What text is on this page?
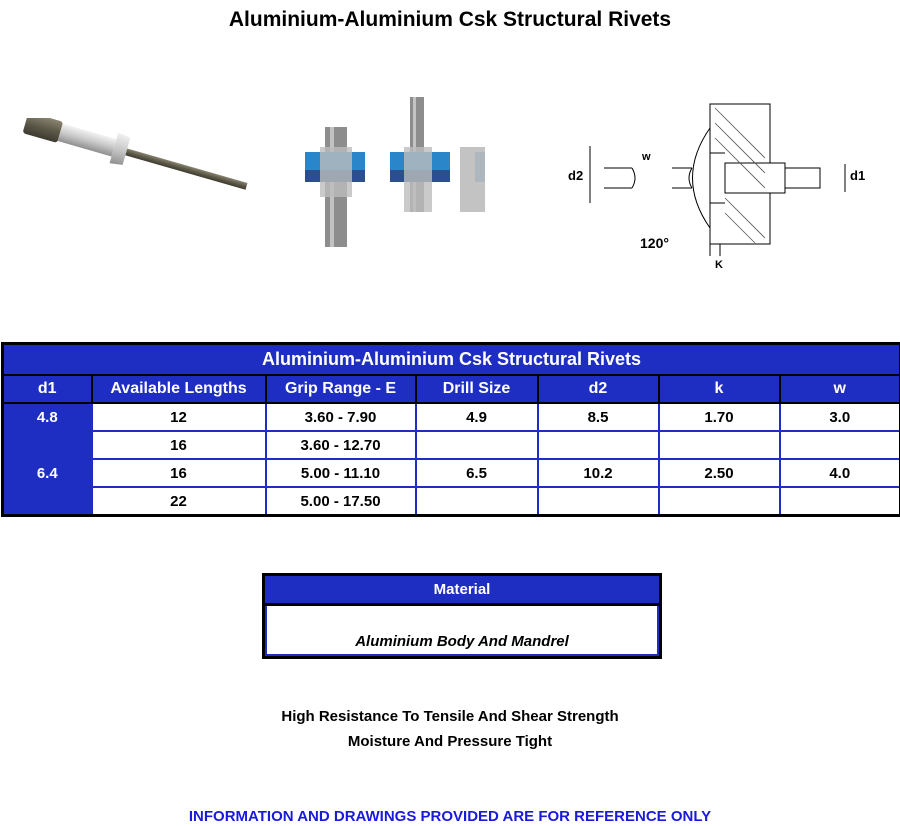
Aluminium-Aluminium Csk Structural Rivets
d2
w
d1
120°
K
Aluminium-Aluminium Csk Structural Rivets						
d1	Available Lengths	Grip Range - E	Drill Size	d2	k	w
4.8	12	3.60 - 7.90	4.9	8.5	1.70	3.0
	16	3.60 - 12.70				
6.4	16	5.00 - 11.10	6.5	10.2	2.50	4.0
	22	5.00 - 17.50				
Material
Aluminium Body And Mandrel
High Resistance To Tensile And Shear Strength
Moisture And Pressure Tight
INFORMATION AND DRAWINGS PROVIDED ARE FOR REFERENCE ONLY
